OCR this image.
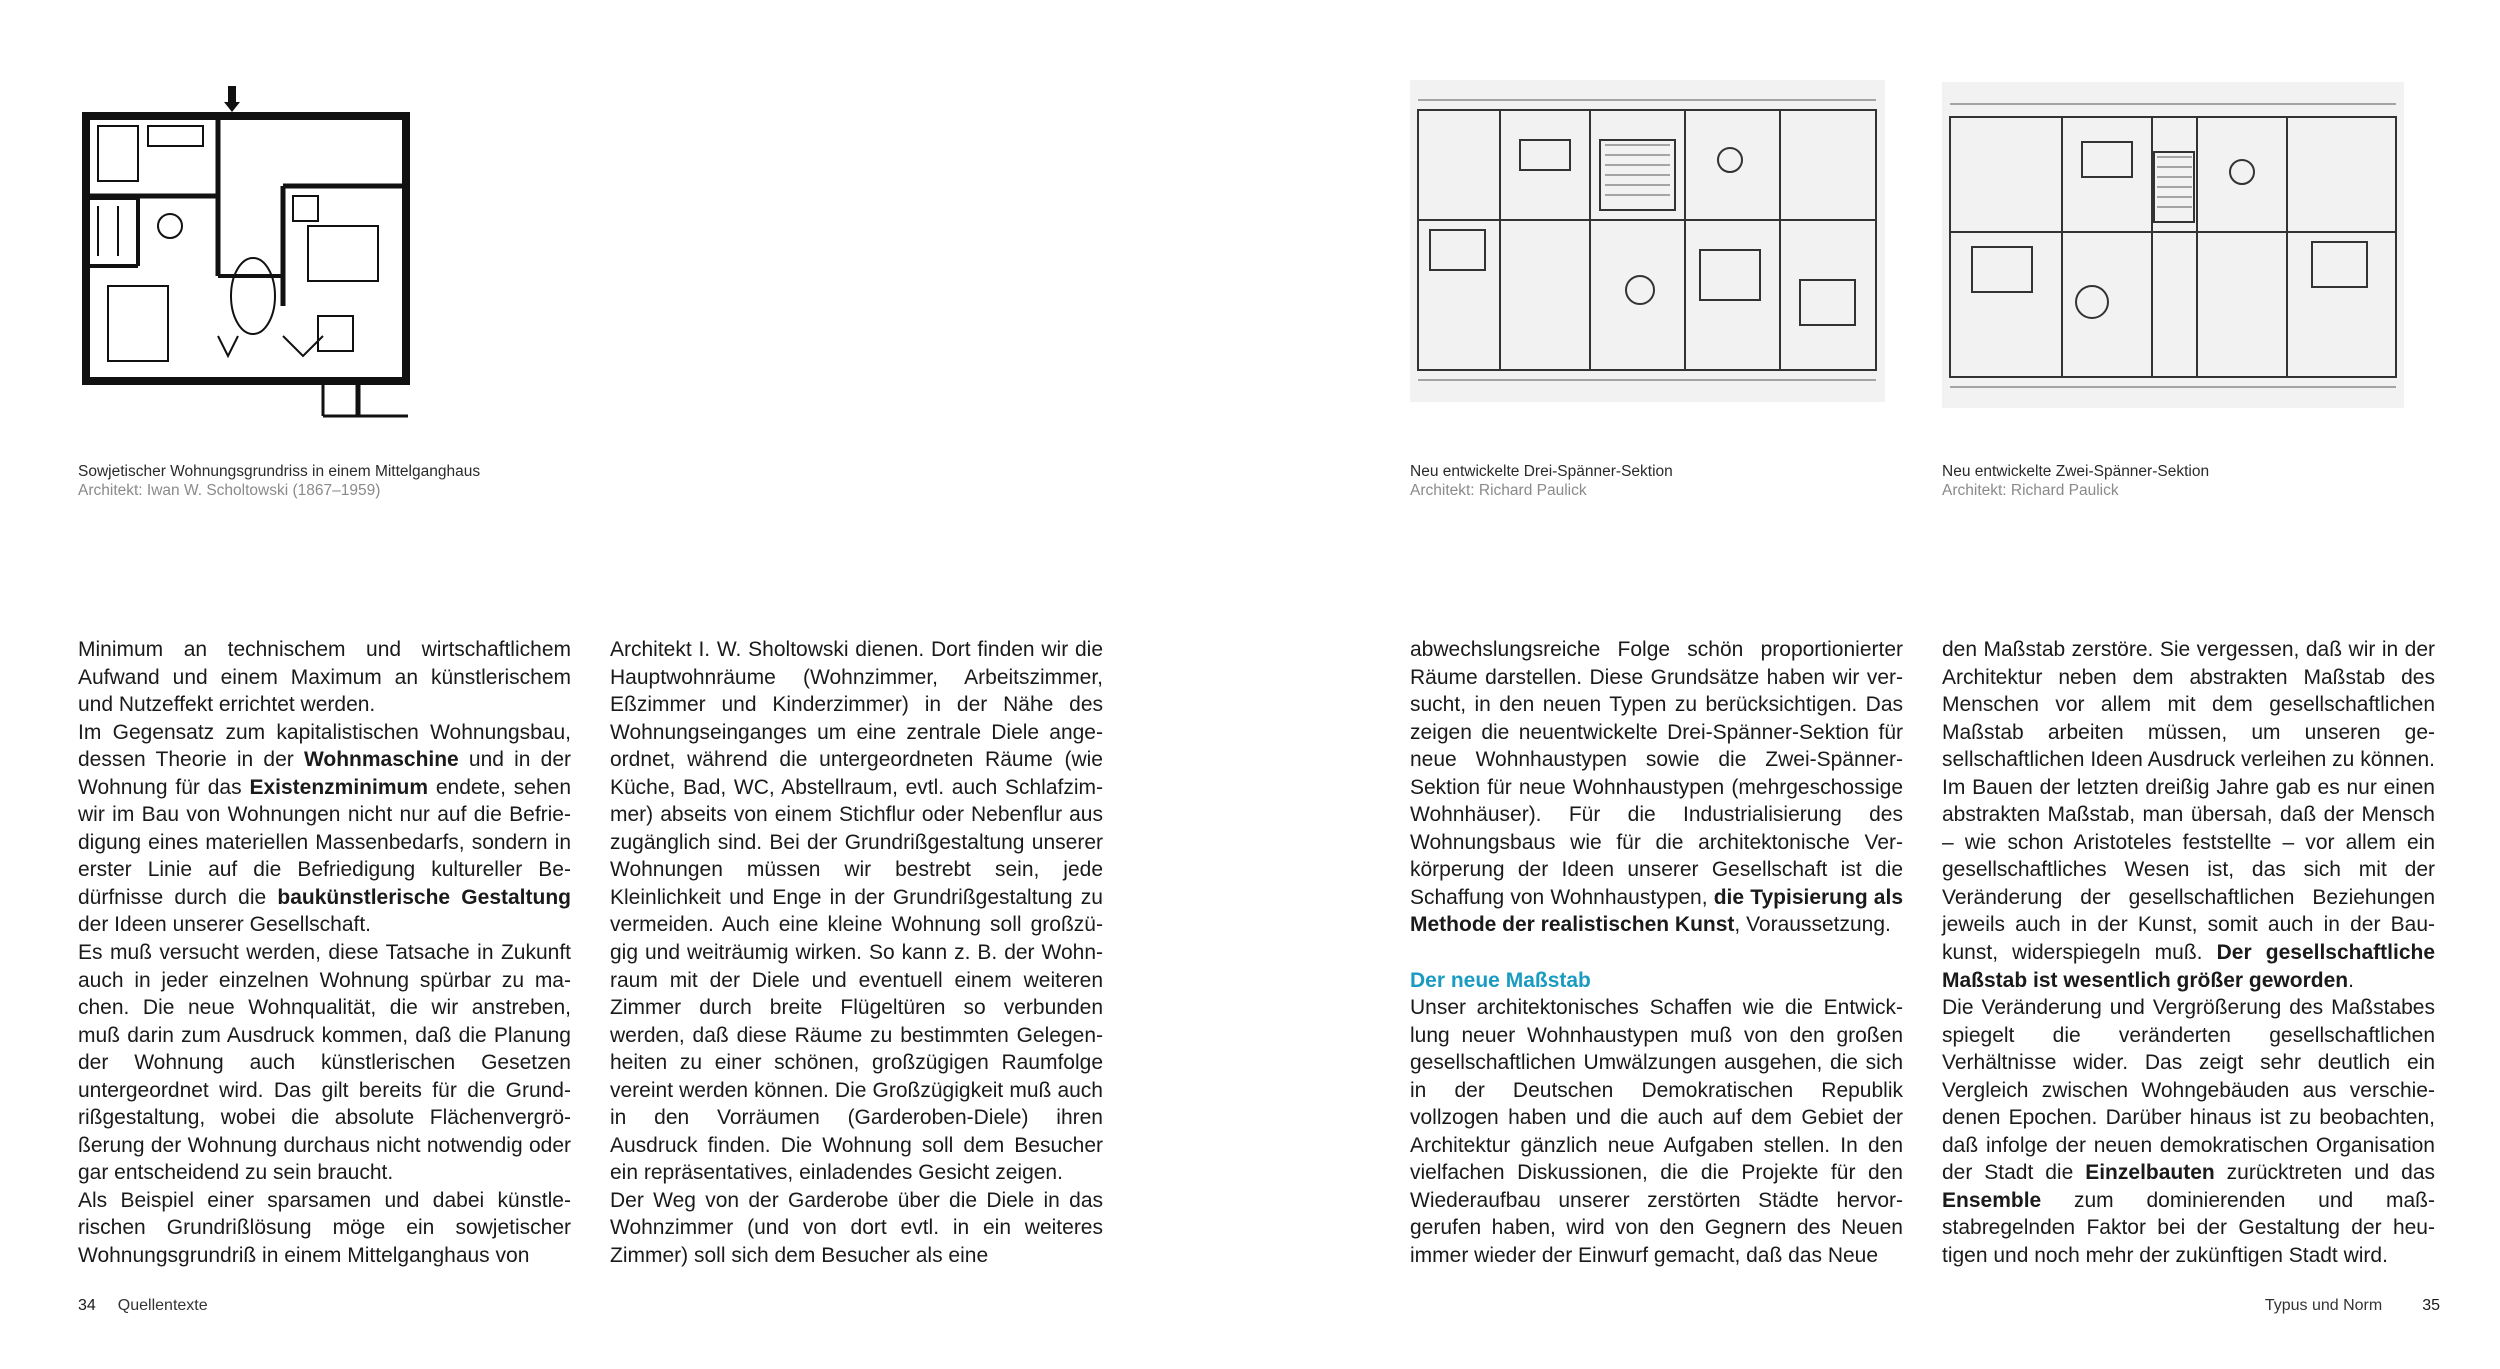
Sowjetischer Wohnungsgrundriss in einem Mittelganghaus
Architekt: Iwan W. Scholtowski (1867–1959)
Neu entwickelte Drei-Spänner-Sektion
Architekt: Richard Paulick
Neu entwickelte Zwei-Spänner-Sektion
Architekt: Richard Paulick

Minimum an technischem und wirtschaftlichem Aufwand und einem Maximum an künstlerischem und Nutzeffekt errichtet werden.

Im Gegensatz zum kapitalistischen Wohnungsbau, dessen Theorie in der Wohnmaschine und in der Wohnung für das Existenzminimum endete, sehen wir im Bau von Wohnungen nicht nur auf die Befriedigung eines materiellen Massenbedarfs, sondern in erster Linie auf die Befriedigung kultureller Bedürfnisse durch die baukünstlerische Gestaltung der Ideen unserer Gesellschaft.

Es muß versucht werden, diese Tatsache in Zukunft auch in jeder einzelnen Wohnung spürbar zu machen. Die neue Wohnqualität, die wir anstreben, muß darin zum Ausdruck kommen, daß die Planung der Wohnung auch künstlerischen Gesetzen untergeordnet wird. Das gilt bereits für die Grundrißgestaltung, wobei die absolute Flächenvergrößerung der Wohnung durchaus nicht notwendig oder gar entscheidend zu sein braucht.

Als Beispiel einer sparsamen und dabei künstlerischen Grundrißlösung möge ein sowjetischer Wohnungsgrundriß in einem Mittelganghaus von

Architekt I. W. Sholtowski dienen. Dort finden wir die Hauptwohnräume (Wohnzimmer, Arbeitszimmer, Eßzimmer und Kinderzimmer) in der Nähe des Wohnungseinganges um eine zentrale Diele angeordnet, während die untergeordneten Räume (wie Küche, Bad, WC, Abstellraum, evtl. auch Schlafzimmer) abseits von einem Stichflur oder Nebenflur aus zugänglich sind. Bei der Grundrißgestaltung unserer Wohnungen müssen wir bestrebt sein, jede Kleinlichkeit und Enge in der Grundrißgestaltung zu vermeiden. Auch eine kleine Wohnung soll großzügig und weiträumig wirken. So kann z. B. der Wohnraum mit der Diele und eventuell einem weiteren Zimmer durch breite Flügeltüren so verbunden werden, daß diese Räume zu bestimmten Gelegenheiten zu einer schönen, großzügigen Raumfolge vereint werden können. Die Großzügigkeit muß auch in den Vorräumen (Garderoben-Diele) ihren Ausdruck finden. Die Wohnung soll dem Besucher ein repräsentatives, einladendes Gesicht zeigen.

Der Weg von der Garderobe über die Diele in das Wohnzimmer (und von dort evtl. in ein weiteres Zimmer) soll sich dem Besucher als eine

abwechslungsreiche Folge schön proportionierter Räume darstellen. Diese Grundsätze haben wir versucht, in den neuen Typen zu berücksichtigen. Das zeigen die neuentwickelte Drei-Spänner-Sektion für neue Wohnhaustypen sowie die Zwei-Spänner-Sektion für neue Wohnhaustypen (mehrgeschossige Wohnhäuser). Für die Industrialisierung des Wohnungsbaus wie für die architektonische Verkörperung der Ideen unserer Gesellschaft ist die Schaffung von Wohnhaustypen, die Typisierung als Methode der realistischen Kunst, Voraussetzung.

Der neue Maßstab

Unser architektonisches Schaffen wie die Entwicklung neuer Wohnhaustypen muß von den großen gesellschaftlichen Umwälzungen ausgehen, die sich in der Deutschen Demokratischen Republik vollzogen haben und die auch auf dem Gebiet der Architektur gänzlich neue Aufgaben stellen. In den vielfachen Diskussionen, die die Projekte für den Wiederaufbau unserer zerstörten Städte hervorgerufen haben, wird von den Gegnern des Neuen immer wieder der Einwurf gemacht, daß das Neue

den Maßstab zerstöre. Sie vergessen, daß wir in der Architektur neben dem abstrakten Maßstab des Menschen vor allem mit dem gesellschaftlichen Maßstab arbeiten müssen, um unseren gesellschaftlichen Ideen Ausdruck verleihen zu können. Im Bauen der letzten dreißig Jahre gab es nur einen abstrakten Maßstab, man übersah, daß der Mensch – wie schon Aristoteles feststellte – vor allem ein gesellschaftliches Wesen ist, das sich mit der Veränderung der gesellschaftlichen Beziehungen jeweils auch in der Kunst, somit auch in der Baukunst, widerspiegeln muß. Der gesellschaftliche Maßstab ist wesentlich größer geworden.

Die Veränderung und Vergrößerung des Maßstabes spiegelt die veränderten gesellschaftlichen Verhältnisse wider. Das zeigt sehr deutlich ein Vergleich zwischen Wohngebäuden aus verschiedenen Epochen. Darüber hinaus ist zu beobachten, daß infolge der neuen demokratischen Organisation der Stadt die Einzelbauten zurücktreten und das Ensemble zum dominierenden und maßstabregelnden Faktor bei der Gestaltung der heutigen und noch mehr der zukünftigen Stadt wird.

34 Quellentexte	Typus und Norm	35
